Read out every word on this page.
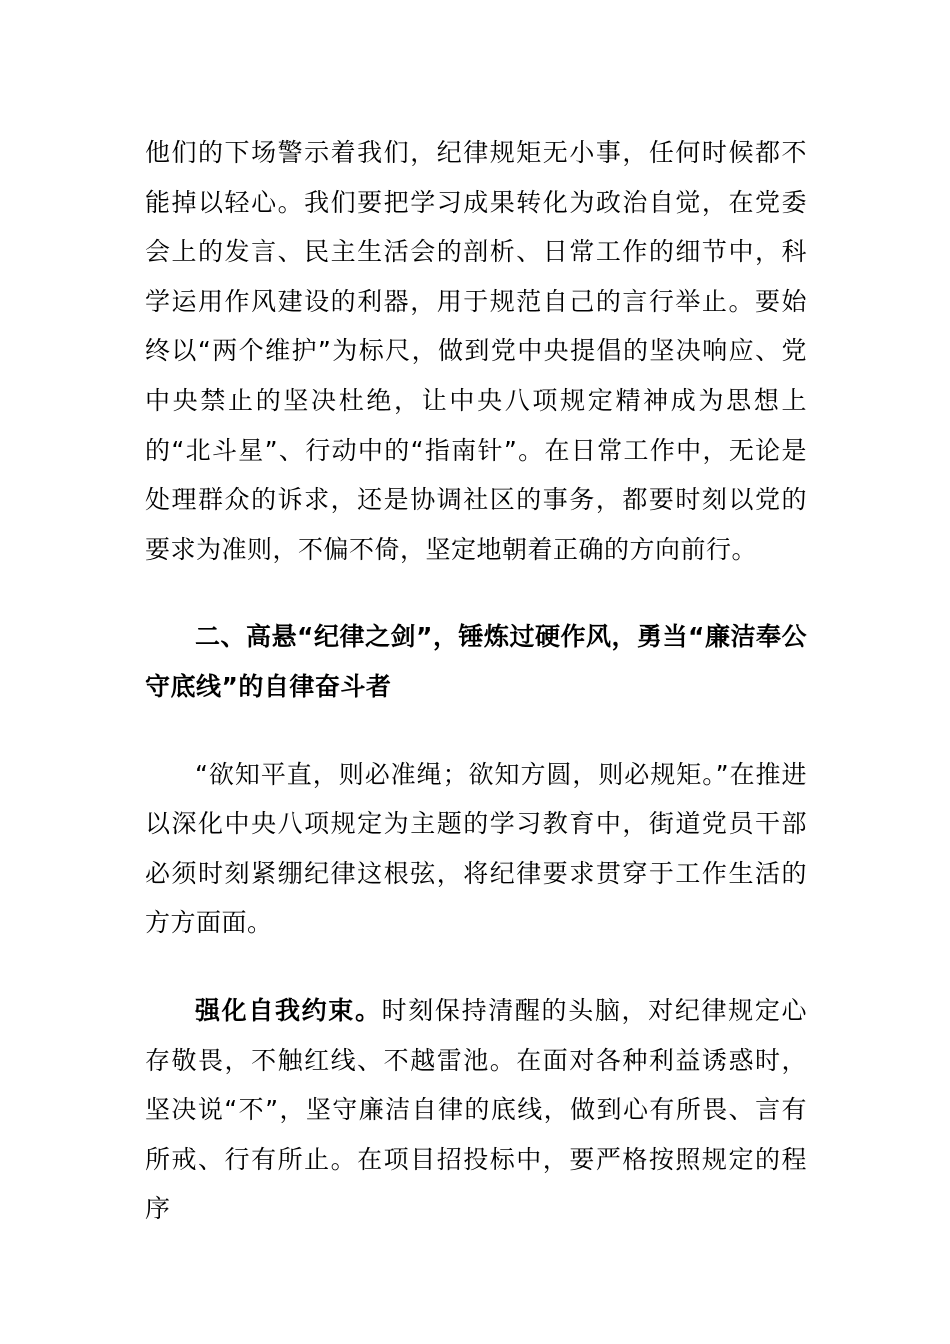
他们的下场警示着我们，纪律规矩无小事，任何时候都不能掉以轻心。我们要把学习成果转化为政治自觉，在党委会上的发言、民主生活会的剖析、日常工作的细节中，科学运用作风建设的利器，用于规范自己的言行举止。要始终以“两个维护”为标尺，做到党中央提倡的坚决响应、党中央禁止的坚决杜绝，让中央八项规定精神成为思想上的“北斗星”、行动中的“指南针”。在日常工作中，无论是处理群众的诉求，还是协调社区的事务，都要时刻以党的要求为准则，不偏不倚，坚定地朝着正确的方向前行。

二、高悬“纪律之剑”，锤炼过硬作风，勇当“廉洁奉公守底线”的自律奋斗者

“欲知平直，则必准绳；欲知方圆，则必规矩。”在推进以深化中央八项规定为主题的学习教育中，街道党员干部必须时刻紧绷纪律这根弦，将纪律要求贯穿于工作生活的方方面面。

强化自我约束。时刻保持清醒的头脑，对纪律规定心存敬畏，不触红线、不越雷池。在面对各种利益诱惑时，坚决说“不”，坚守廉洁自律的底线，做到心有所畏、言有所戒、行有所止。在项目招投标中，要严格按照规定的程序
